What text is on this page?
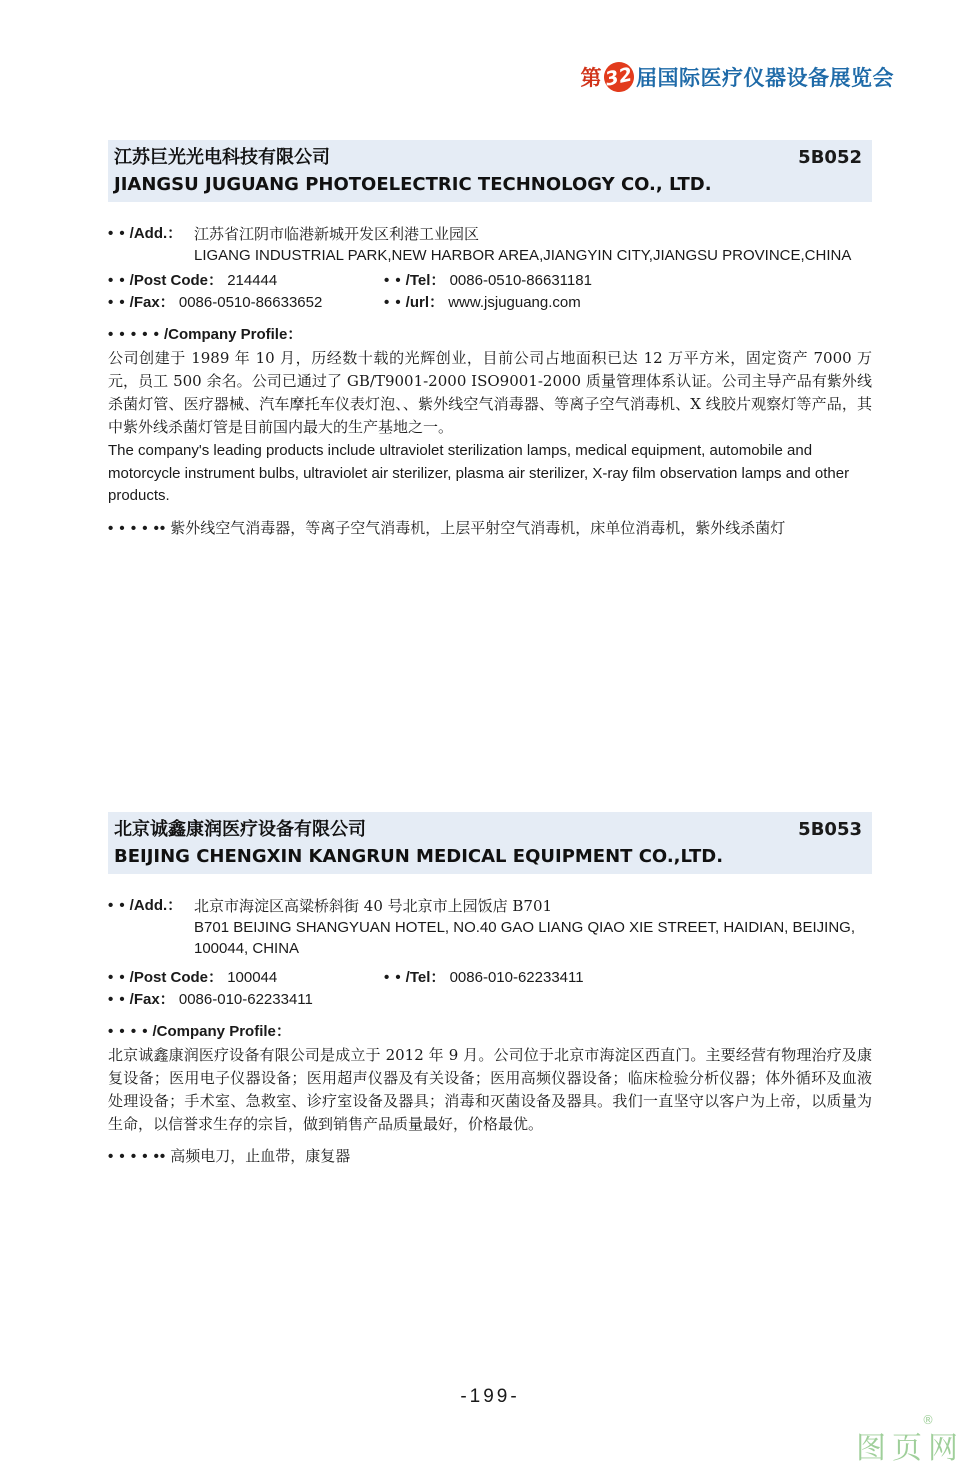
第 32 届国际医疗仪器设备展览会
江苏巨光光电科技有限公司
JIANGSU JUGUANG PHOTOELECTRIC TECHNOLOGY CO., LTD.
5B052
• • /Add.： 江苏省江阴市临港新城开发区利港工业园区
LIGANG INDUSTRIAL PARK,NEW HARBOR AREA,JIANGYIN CITY,JIANGSU PROVINCE,CHINA
• • /Post Code： 214444	• • /Tel： 0086-0510-86631181
• • /Fax： 0086-0510-86633652	• • /url： www.jsjuguang.com
• • • • • /Company Profile：
公司创建于 1989 年 10 月，历经数十载的光辉创业，目前公司占地面积已达 12 万平方米，固定资产 7000 万元，员工 500 余名。公司已通过了 GB/T9001-2000 ISO9001-2000 质量管理体系认证。公司主导产品有紫外线杀菌灯管、医疗器械、汽车摩托车仪表灯泡、、紫外线空气消毒器、等离子空气消毒机、X 线胶片观察灯等产品，其中紫外线杀菌灯管是目前国内最大的生产基地之一。
The company's leading products include ultraviolet sterilization lamps, medical equipment, automobile and motorcycle instrument bulbs, ultraviolet air sterilizer, plasma air sterilizer, X-ray film observation lamps and other products.
• • • • •• 紫外线空气消毒器，等离子空气消毒机，上层平射空气消毒机，床单位消毒机，紫外线杀菌灯
北京诚鑫康润医疗设备有限公司
BEIJING CHENGXIN KANGRUN MEDICAL EQUIPMENT CO.,LTD.
5B053
• • /Add.： 北京市海淀区高粱桥斜街 40 号北京市上园饭店 B701
B701 BEIJING SHANGYUAN HOTEL, NO.40 GAO LIANG QIAO XIE STREET, HAIDIAN, BEIJING, 100044, CHINA
• • /Post Code： 100044	• • /Tel： 0086-010-62233411
• • /Fax： 0086-010-62233411
• • • • /Company Profile：
北京诚鑫康润医疗设备有限公司是成立于 2012 年 9 月。公司位于北京市海淀区西直门。主要经营有物理治疗及康复设备；医用电子仪器设备；医用超声仪器及有关设备；医用高频仪器设备；临床检验分析仪器；体外循环及血液处理设备；手术室、急救室、诊疗室设备及器具；消毒和灭菌设备及器具。我们一直坚守以客户为上帝，以质量为生命，以信誉求生存的宗旨，做到销售产品质量最好，价格最优。
• • • • •• 高频电刀，止血带，康复器
-199-
图页网
®
